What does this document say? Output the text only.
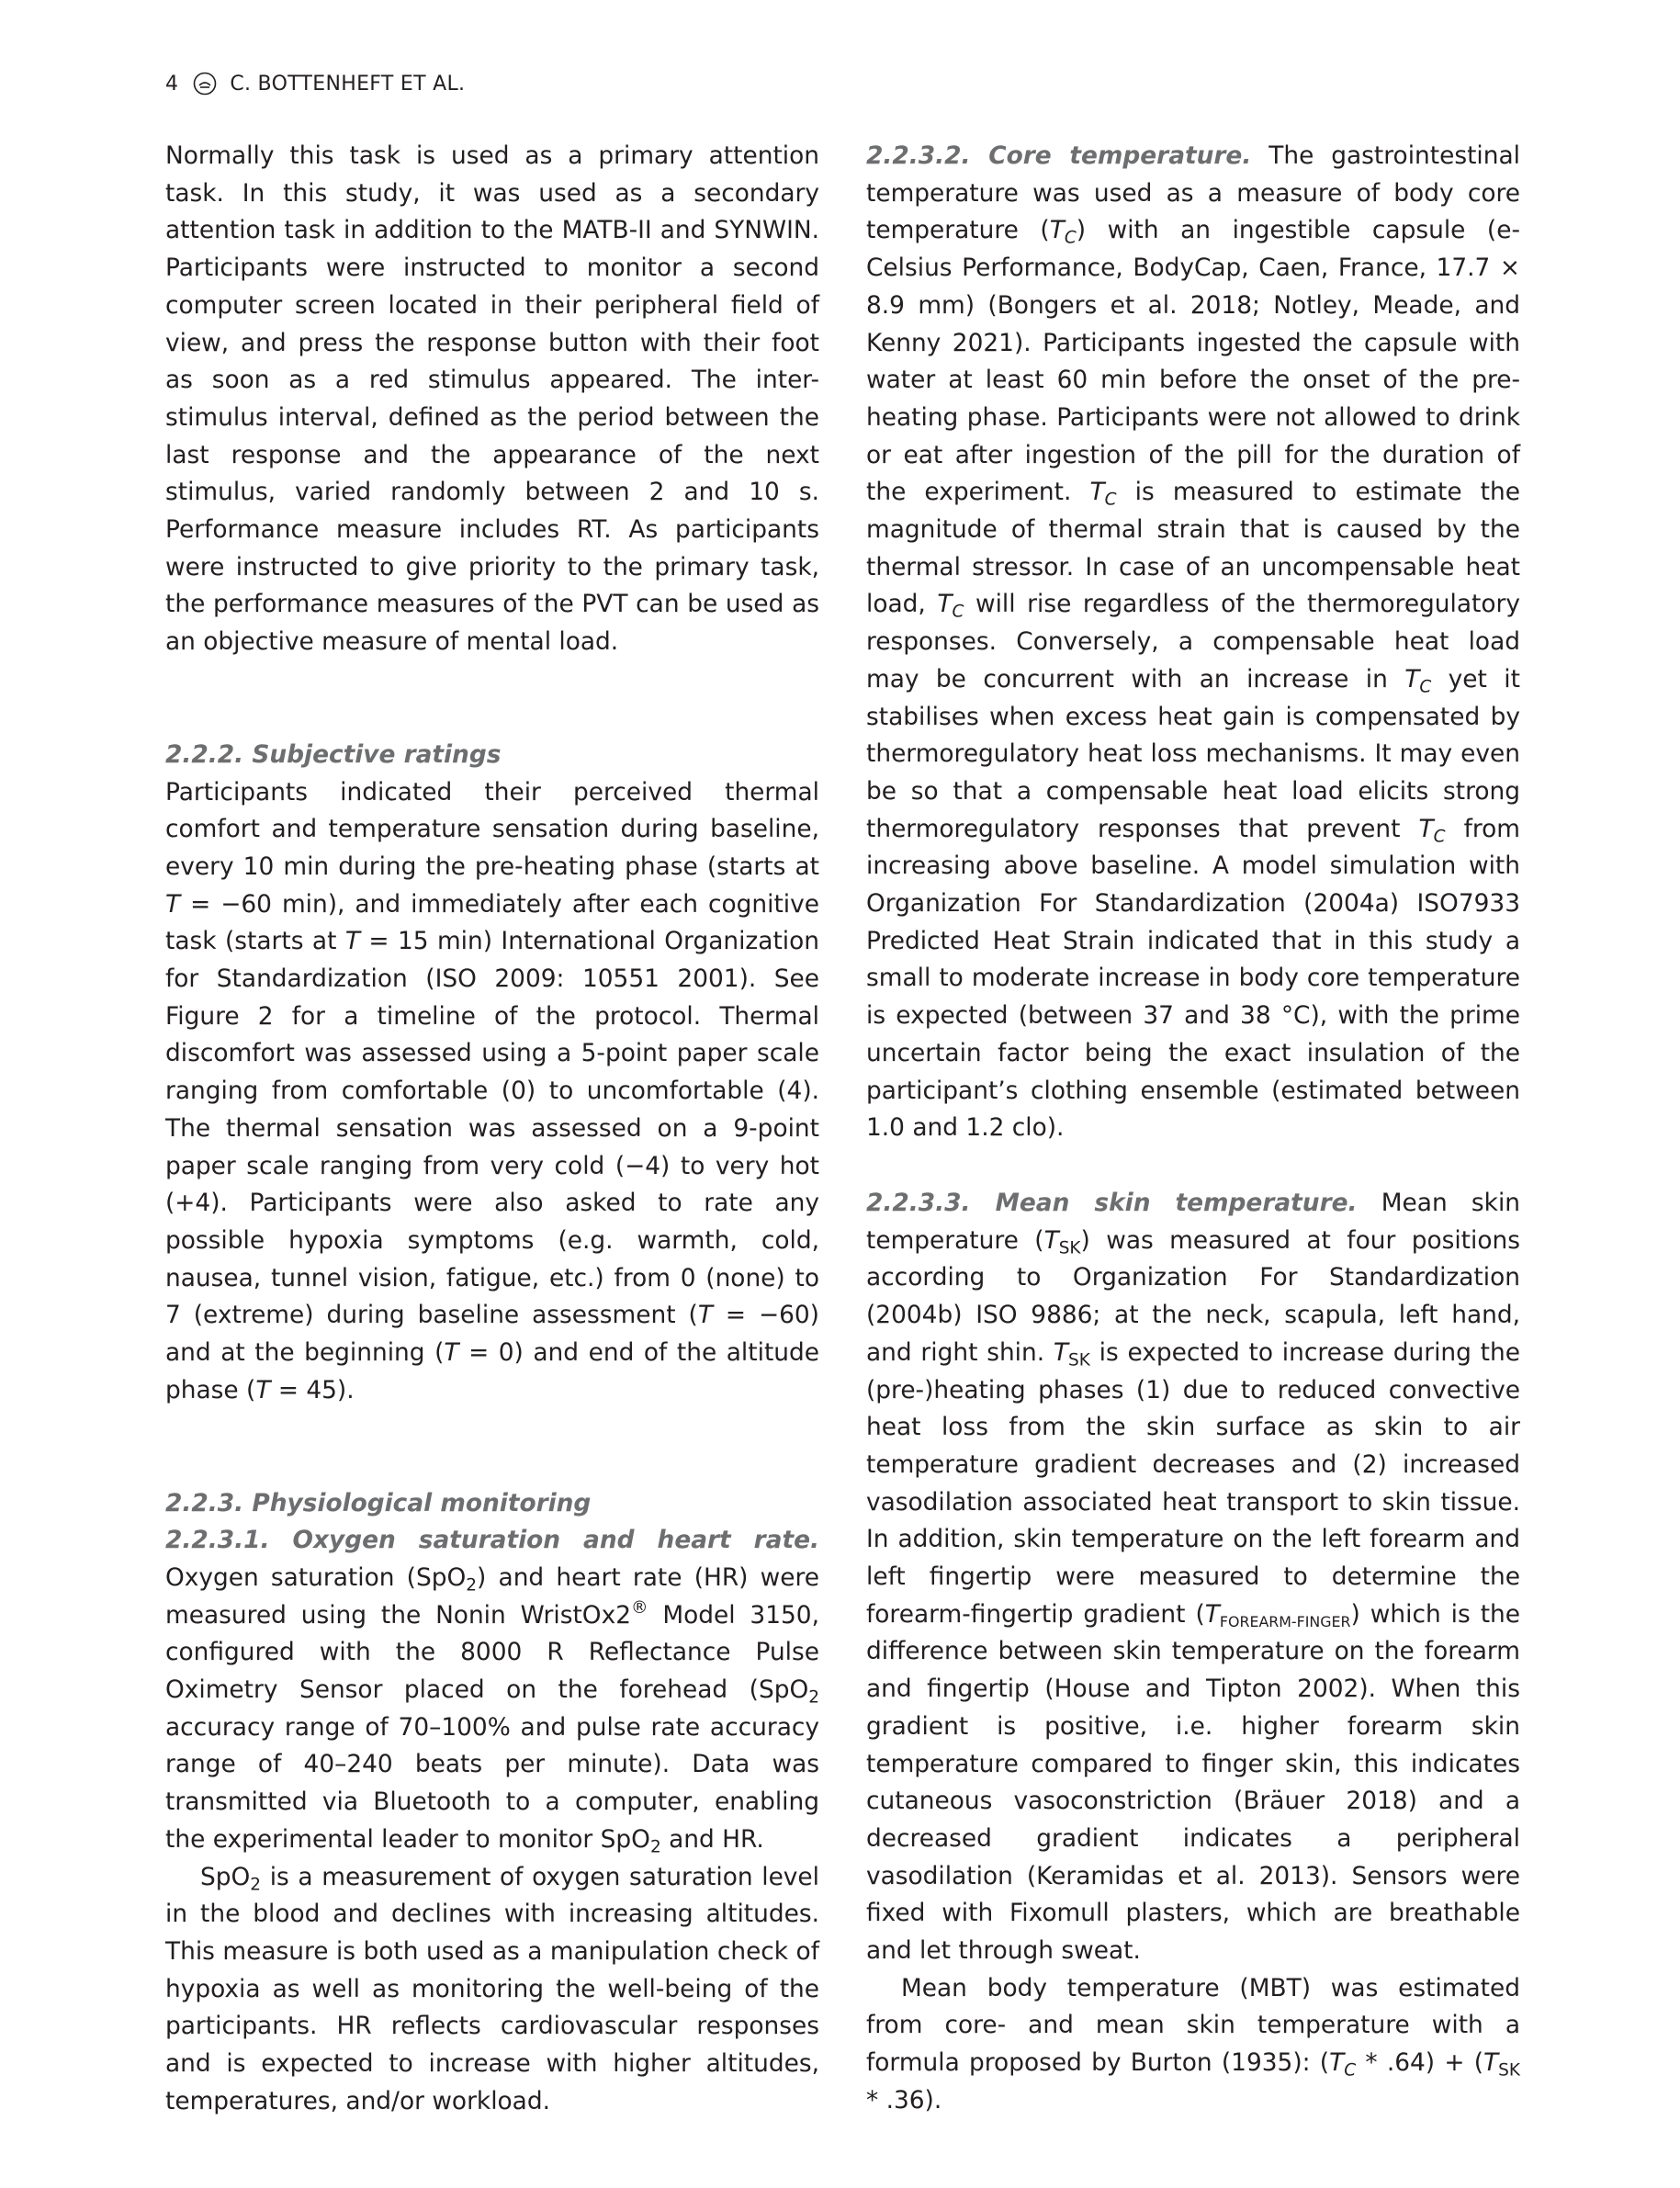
4	C. BOTTENHEFT ET AL.

Normally this task is used as a primary attention task. In this study, it was used as a secondary attention task in addition to the MATB-II and SYNWIN. Participants were instructed to monitor a second computer screen located in their peripheral field of view, and press the response button with their foot as soon as a red stimulus appeared. The inter-stimulus interval, defined as the period between the last response and the appearance of the next stimulus, varied randomly between 2 and 10 s. Performance measure includes RT. As participants were instructed to give priority to the primary task, the performance measures of the PVT can be used as an objective measure of mental load.

2.2.2. Subjective ratings

Participants indicated their perceived thermal comfort and temperature sensation during baseline, every 10 min during the pre-heating phase (starts at T = −60 min), and immediately after each cognitive task (starts at T = 15 min) International Organization for Standardization (ISO 2009: 10551 2001). See Figure 2 for a timeline of the protocol. Thermal discomfort was assessed using a 5-point paper scale ranging from comfortable (0) to uncomfortable (4). The thermal sensation was assessed on a 9-point paper scale ranging from very cold (−4) to very hot (+4). Participants were also asked to rate any possible hypoxia symptoms (e.g. warmth, cold, nausea, tunnel vision, fatigue, etc.) from 0 (none) to 7 (extreme) during baseline assessment (T = −60) and at the beginning (T = 0) and end of the altitude phase (T = 45).

2.2.3. Physiological monitoring

2.2.3.1. Oxygen saturation and heart rate. Oxygen saturation (SpO$_2$) and heart rate (HR) were measured using the Nonin WristOx2® Model 3150, configured with the 8000 R Reflectance Pulse Oximetry Sensor placed on the forehead (SpO$_2$ accuracy range of 70–100% and pulse rate accuracy range of 40–240 beats per minute). Data was transmitted via Bluetooth to a computer, enabling the experimental leader to monitor SpO$_2$ and HR.

SpO$_2$ is a measurement of oxygen saturation level in the blood and declines with increasing altitudes. This measure is both used as a manipulation check of hypoxia as well as monitoring the well-being of the participants. HR reflects cardiovascular responses and is expected to increase with higher altitudes, temperatures, and/or workload.

2.2.3.2. Core temperature. The gastrointestinal temperature was used as a measure of body core temperature $(T_C)$ with an ingestible capsule (e-Celsius Performance, BodyCap, Caen, France, 17.7 × 8.9 mm) (Bongers et al. 2018; Notley, Meade, and Kenny 2021). Participants ingested the capsule with water at least 60 min before the onset of the pre-heating phase. Participants were not allowed to drink or eat after ingestion of the pill for the duration of the experiment. $T_C$ is measured to estimate the magnitude of thermal strain that is caused by the thermal stressor. In case of an uncompensable heat load, $T_C$ will rise regardless of the thermoregulatory responses. Conversely, a compensable heat load may be concurrent with an increase in $T_C$ yet it stabilises when excess heat gain is compensated by thermoregulatory heat loss mechanisms. It may even be so that a compensable heat load elicits strong thermoregulatory responses that prevent $T_C$ from increasing above baseline. A model simulation with Organization For Standardization (2004a) ISO7933 Predicted Heat Strain indicated that in this study a small to moderate increase in body core temperature is expected (between 37 and 38 °C), with the prime uncertain factor being the exact insulation of the participant’s clothing ensemble (estimated between 1.0 and 1.2 clo).

2.2.3.3. Mean skin temperature. Mean skin temperature $(T_{SK})$ was measured at four positions according to Organization For Standardization (2004b) ISO 9886; at the neck, scapula, left hand, and right shin. $T_{SK}$ is expected to increase during the (pre-)heating phases (1) due to reduced convective heat loss from the skin surface as skin to air temperature gradient decreases and (2) increased vasodilation associated heat transport to skin tissue. In addition, skin temperature on the left forearm and left fingertip were measured to determine the forearm-fingertip gradient $(T_{FOREARM-FINGER})$ which is the difference between skin temperature on the forearm and fingertip (House and Tipton 2002). When this gradient is positive, i.e. higher forearm skin temperature compared to finger skin, this indicates cutaneous vasoconstriction (Bräuer 2018) and a decreased gradient indicates a peripheral vasodilation (Keramidas et al. 2013). Sensors were fixed with Fixomull plasters, which are breathable and let through sweat.

Mean body temperature (MBT) was estimated from core- and mean skin temperature with a formula proposed by Burton (1935): $(T_C * .64) + (T_{SK} * .36)$.
